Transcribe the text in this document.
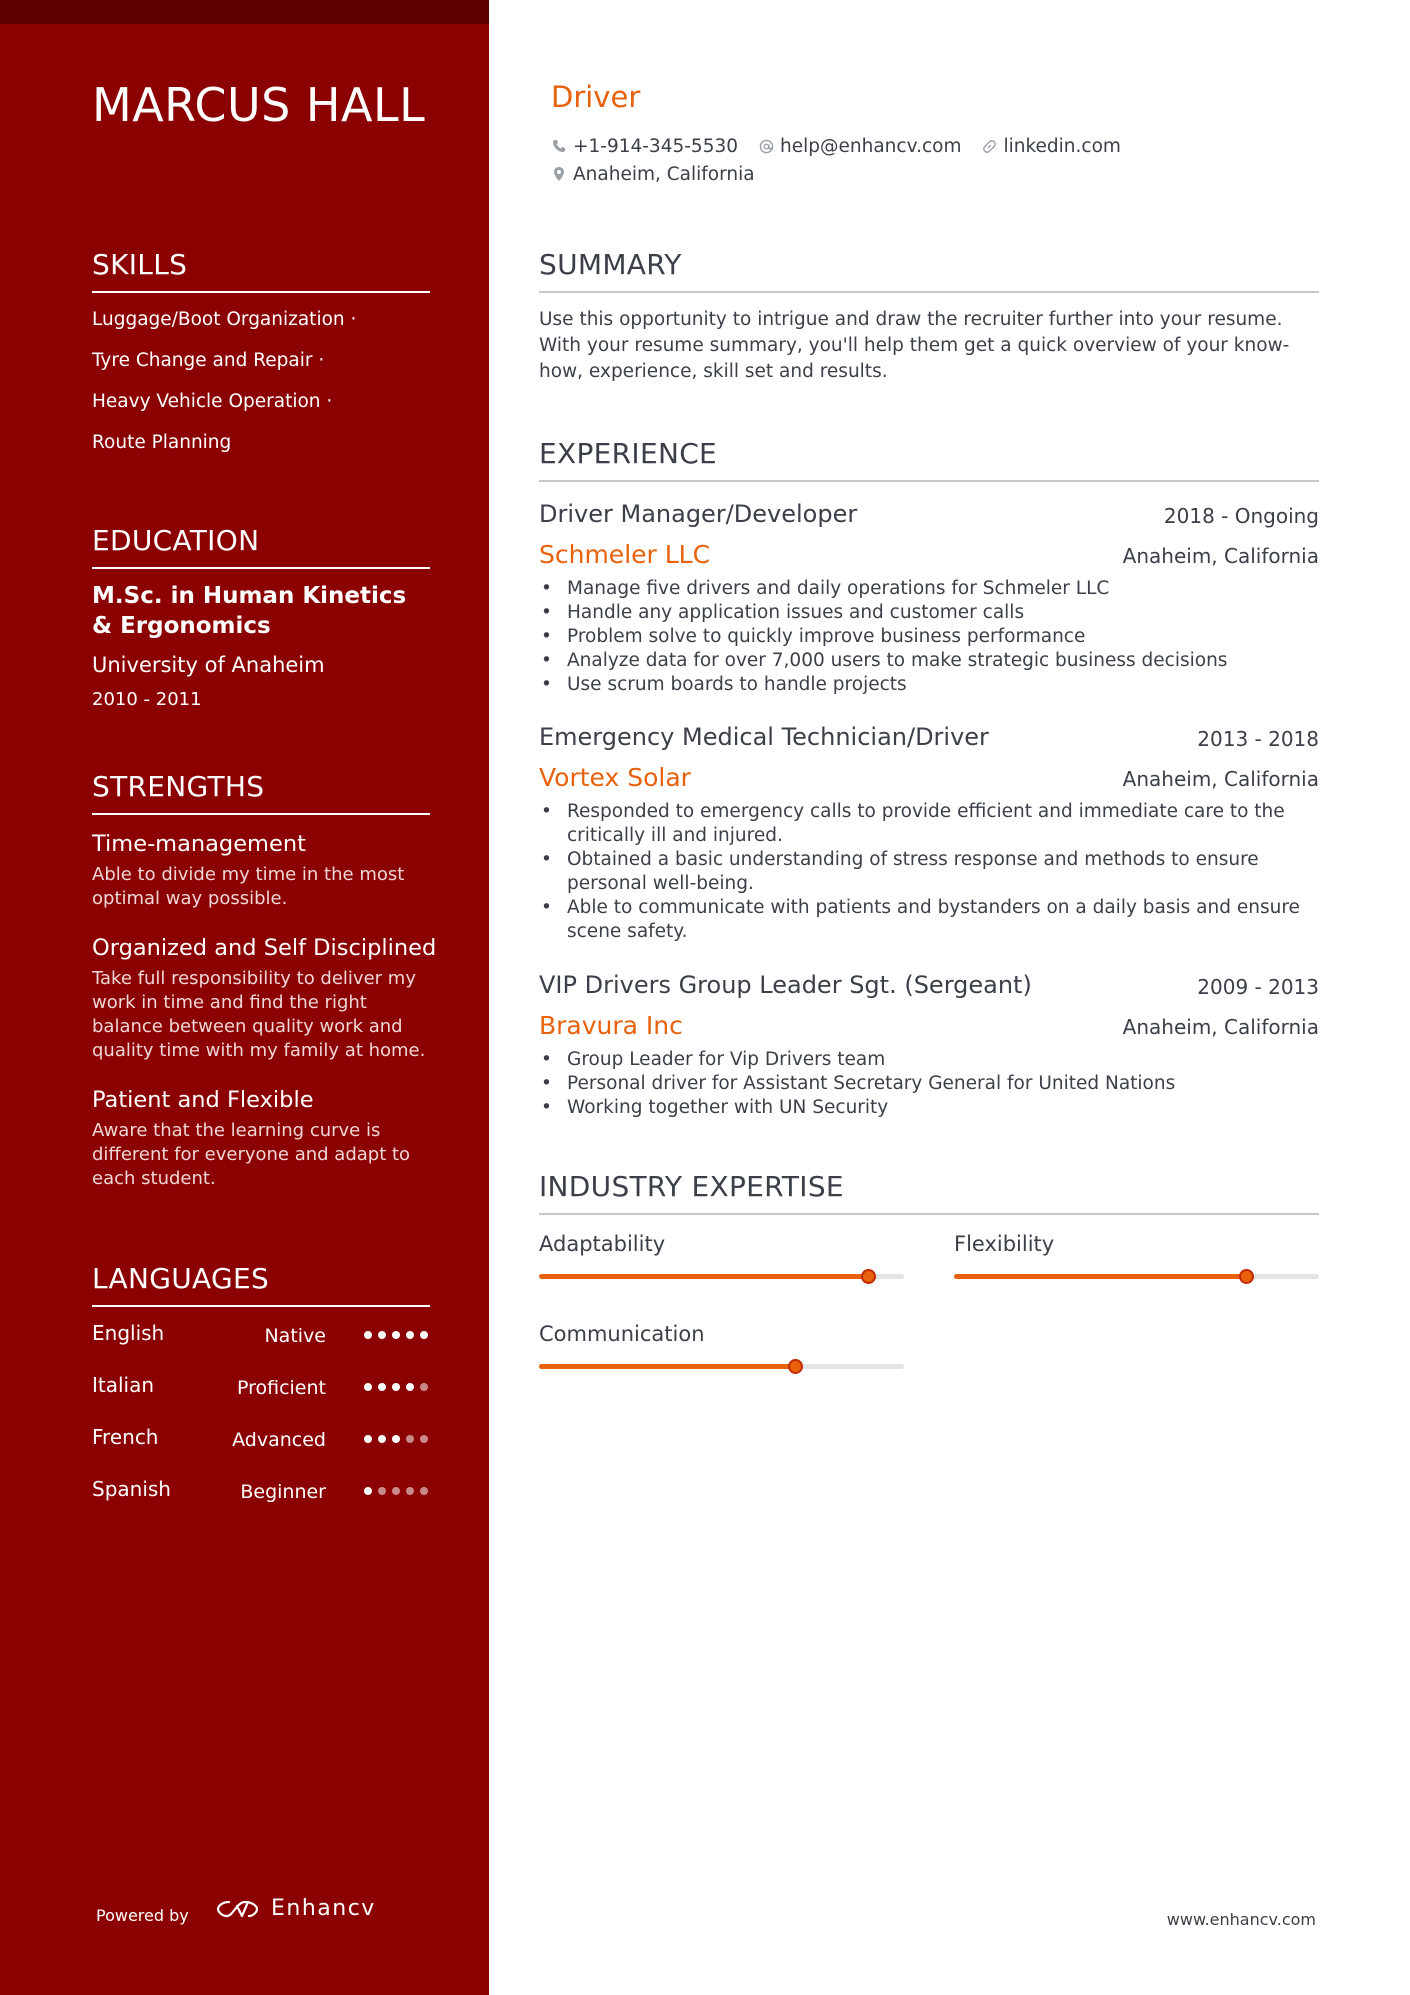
MARCUS HALL
SKILLS
Luggage/Boot Organization ·
Tyre Change and Repair ·
Heavy Vehicle Operation ·
Route Planning
EDUCATION
M.Sc. in Human Kinetics & Ergonomics
University of Anaheim
2010 - 2011
STRENGTHS
Time-management
Able to divide my time in the most optimal way possible.
Organized and Self Disciplined
Take full responsibility to deliver my work in time and find the right balance between quality work and quality time with my family at home.
Patient and Flexible
Aware that the learning curve is different for everyone and adapt to each student.
LANGUAGES
English	Native
Italian	Proficient
French	Advanced
Spanish	Beginner
Powered by	Enhancv
Driver
+1-914-345-5530 help@enhancv.com linkedin.com
Anaheim, California
SUMMARY
Use this opportunity to intrigue and draw the recruiter further into your resume. With your resume summary, you'll help them get a quick overview of your know-how, experience, skill set and results.
EXPERIENCE
Driver Manager/Developer	2018 - Ongoing
Schmeler LLC	Anaheim, California
• Manage five drivers and daily operations for Schmeler LLC
• Handle any application issues and customer calls
• Problem solve to quickly improve business performance
• Analyze data for over 7,000 users to make strategic business decisions
• Use scrum boards to handle projects
Emergency Medical Technician/Driver	2013 - 2018
Vortex Solar	Anaheim, California
• Responded to emergency calls to provide efficient and immediate care to the critically ill and injured.
• Obtained a basic understanding of stress response and methods to ensure personal well-being.
• Able to communicate with patients and bystanders on a daily basis and ensure scene safety.
VIP Drivers Group Leader Sgt. (Sergeant)	2009 - 2013
Bravura Inc	Anaheim, California
• Group Leader for Vip Drivers team
• Personal driver for Assistant Secretary General for United Nations
• Working together with UN Security
INDUSTRY EXPERTISE
Adaptability	Flexibility
Communication
www.enhancv.com
